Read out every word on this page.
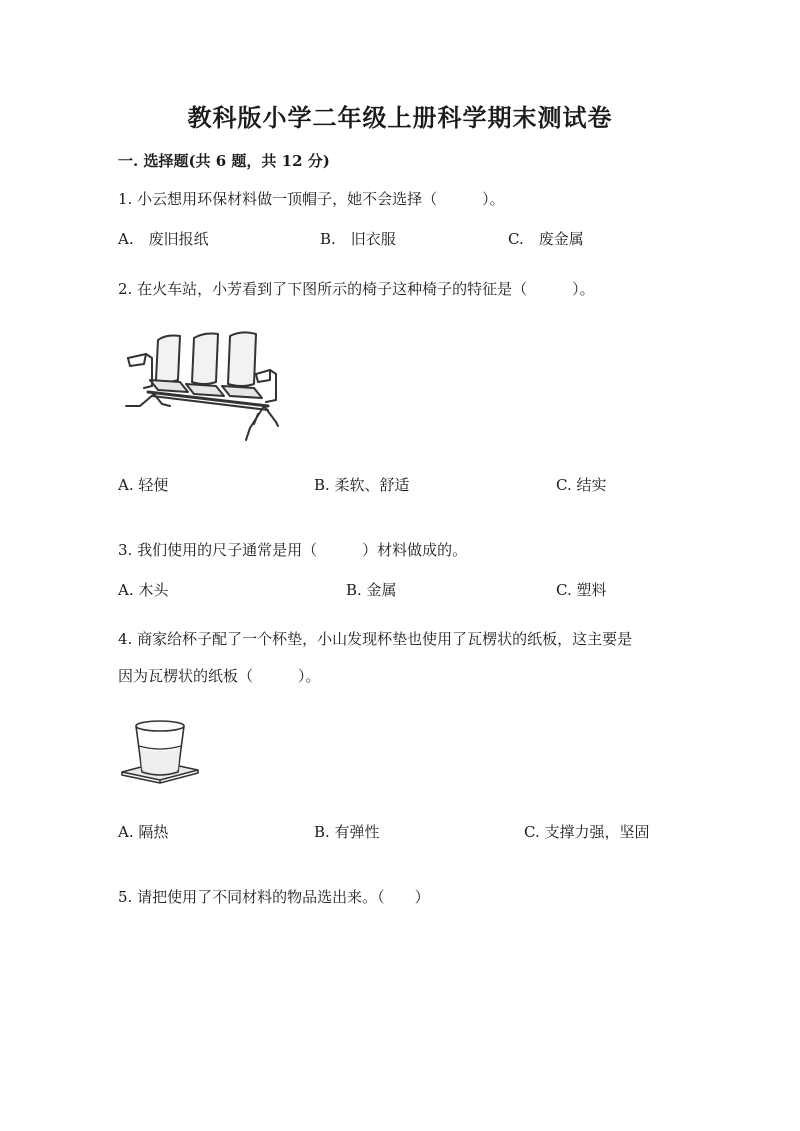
教科版小学二年级上册科学期末测试卷
一. 选择题(共 6 题，共 12 分)
1. 小云想用环保材料做一顶帽子，她不会选择（　　　）。
A.　废旧报纸	B.　旧衣服	C.　废金属
2. 在火车站，小芳看到了下图所示的椅子这种椅子的特征是（　　　）。
A. 轻便	B. 柔软、舒适	C. 结实
3. 我们使用的尺子通常是用（　　　）材料做成的。
A. 木头	B. 金属	C. 塑料
4. 商家给杯子配了一个杯垫，小山发现杯垫也使用了瓦楞状的纸板，这主要是
因为瓦楞状的纸板（　　　）。
A. 隔热	B. 有弹性	C. 支撑力强，坚固
5. 请把使用了不同材料的物品选出来。（　　）
